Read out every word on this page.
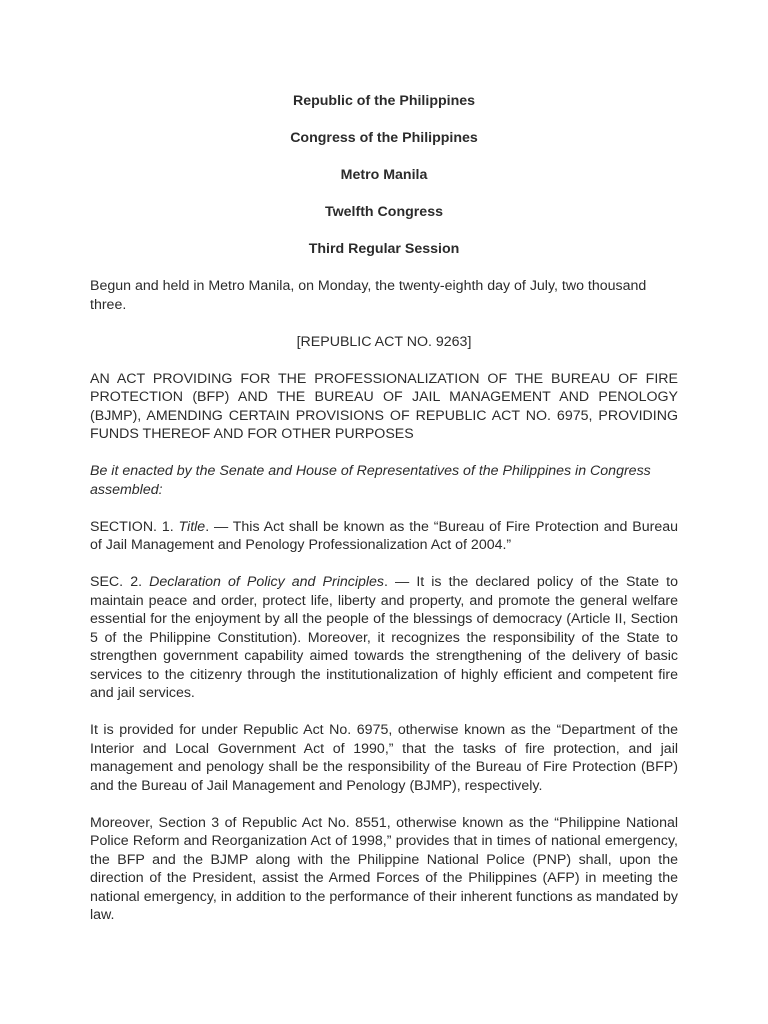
Republic of the Philippines

Congress of the Philippines

Metro Manila

Twelfth Congress

Third Regular Session

Begun and held in Metro Manila, on Monday, the twenty-eighth day of July, two thousand three.

[REPUBLIC ACT NO. 9263]

AN ACT PROVIDING FOR THE PROFESSIONALIZATION OF THE BUREAU OF FIRE PROTECTION (BFP) AND THE BUREAU OF JAIL MANAGEMENT AND PENOLOGY (BJMP), AMENDING CERTAIN PROVISIONS OF REPUBLIC ACT NO. 6975, PROVIDING FUNDS THEREOF AND FOR OTHER PURPOSES

Be it enacted by the Senate and House of Representatives of the Philippines in Congress assembled:

SECTION. 1. Title. — This Act shall be known as the “Bureau of Fire Protection and Bureau of Jail Management and Penology Professionalization Act of 2004.”

SEC. 2. Declaration of Policy and Principles. — It is the declared policy of the State to maintain peace and order, protect life, liberty and property, and promote the general welfare essential for the enjoyment by all the people of the blessings of democracy (Article II, Section 5 of the Philippine Constitution). Moreover, it recognizes the responsibility of the State to strengthen government capability aimed towards the strengthening of the delivery of basic services to the citizenry through the institutionalization of highly efficient and competent fire and jail services.

It is provided for under Republic Act No. 6975, otherwise known as the “Department of the Interior and Local Government Act of 1990,” that the tasks of fire protection, and jail management and penology shall be the responsibility of the Bureau of Fire Protection (BFP) and the Bureau of Jail Management and Penology (BJMP), respectively.

Moreover, Section 3 of Republic Act No. 8551, otherwise known as the “Philippine National Police Reform and Reorganization Act of 1998,” provides that in times of national emergency, the BFP and the BJMP along with the Philippine National Police (PNP) shall, upon the direction of the President, assist the Armed Forces of the Philippines (AFP) in meeting the national emergency, in addition to the performance of their inherent functions as mandated by law.
